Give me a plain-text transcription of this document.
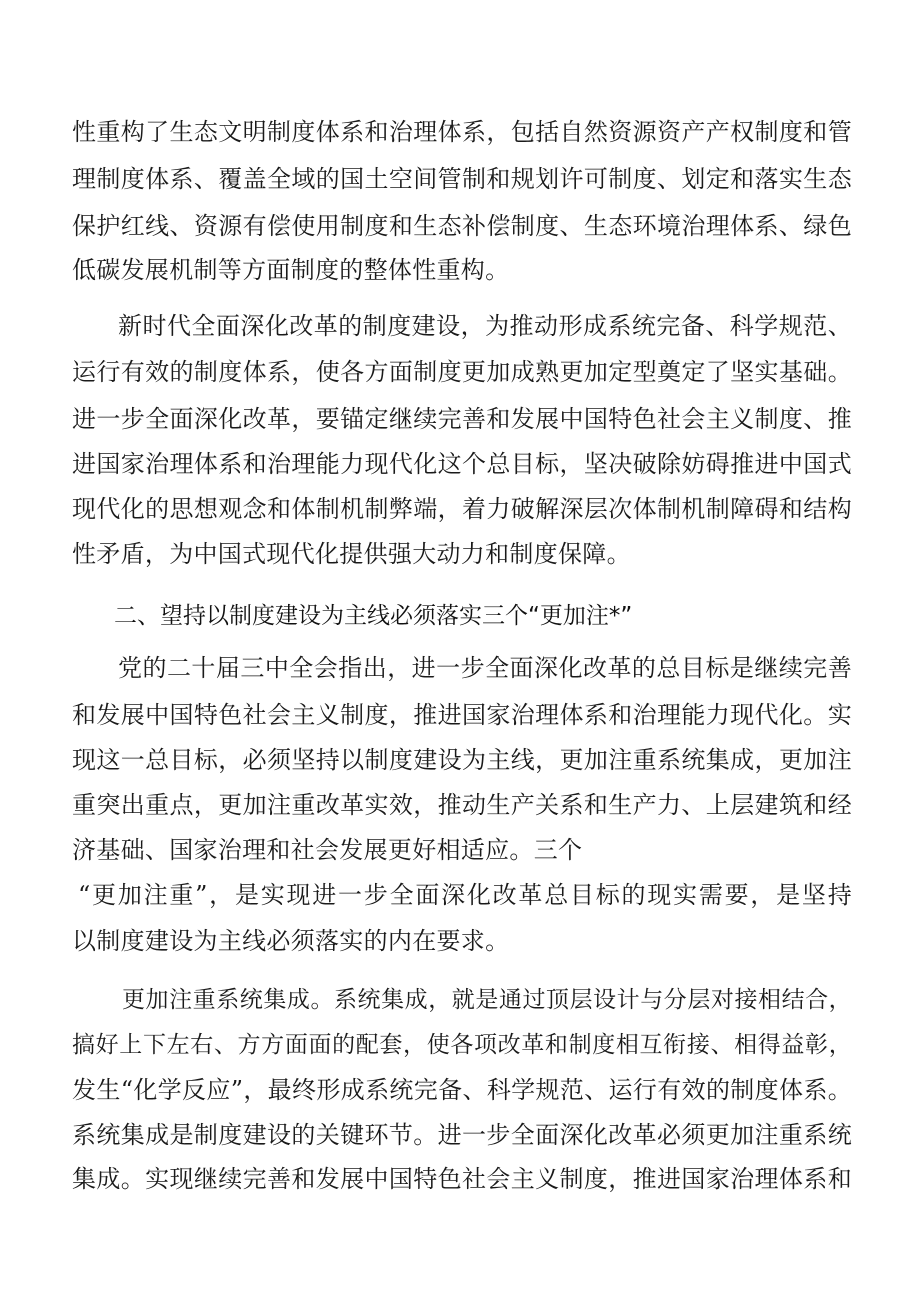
性重构了生态文明制度体系和治理体系，包括自然资源资产产权制度和管
理制度体系、覆盖全域的国土空间管制和规划许可制度、划定和落实生态
保护红线、资源有偿使用制度和生态补偿制度、生态环境治理体系、绿色
低碳发展机制等方面制度的整体性重构。
新时代全面深化改革的制度建设，为推动形成系统完备、科学规范、
运行有效的制度体系，使各方面制度更加成熟更加定型奠定了坚实基础。
进一步全面深化改革，要锚定继续完善和发展中国特色社会主义制度、推
进国家治理体系和治理能力现代化这个总目标，坚决破除妨碍推进中国式
现代化的思想观念和体制机制弊端，着力破解深层次体制机制障碍和结构
性矛盾，为中国式现代化提供强大动力和制度保障。
二、望持以制度建设为主线必须落实三个“更加注*”
党的二十届三中全会指出，进一步全面深化改革的总目标是继续完善
和发展中国特色社会主义制度，推进国家治理体系和治理能力现代化。实
现这一总目标，必须坚持以制度建设为主线，更加注重系统集成，更加注
重突出重点，更加注重改革实效，推动生产关系和生产力、上层建筑和经
济基础、国家治理和社会发展更好相适应。三个
“更加注重”，是实现进一步全面深化改革总目标的现实需要，是坚持
以制度建设为主线必须落实的内在要求。
更加注重系统集成。系统集成，就是通过顶层设计与分层对接相结合，
搞好上下左右、方方面面的配套，使各项改革和制度相互衔接、相得益彰，
发生“化学反应”，最终形成系统完备、科学规范、运行有效的制度体系。
系统集成是制度建设的关键环节。进一步全面深化改革必须更加注重系统
集成。实现继续完善和发展中国特色社会主义制度，推进国家治理体系和
